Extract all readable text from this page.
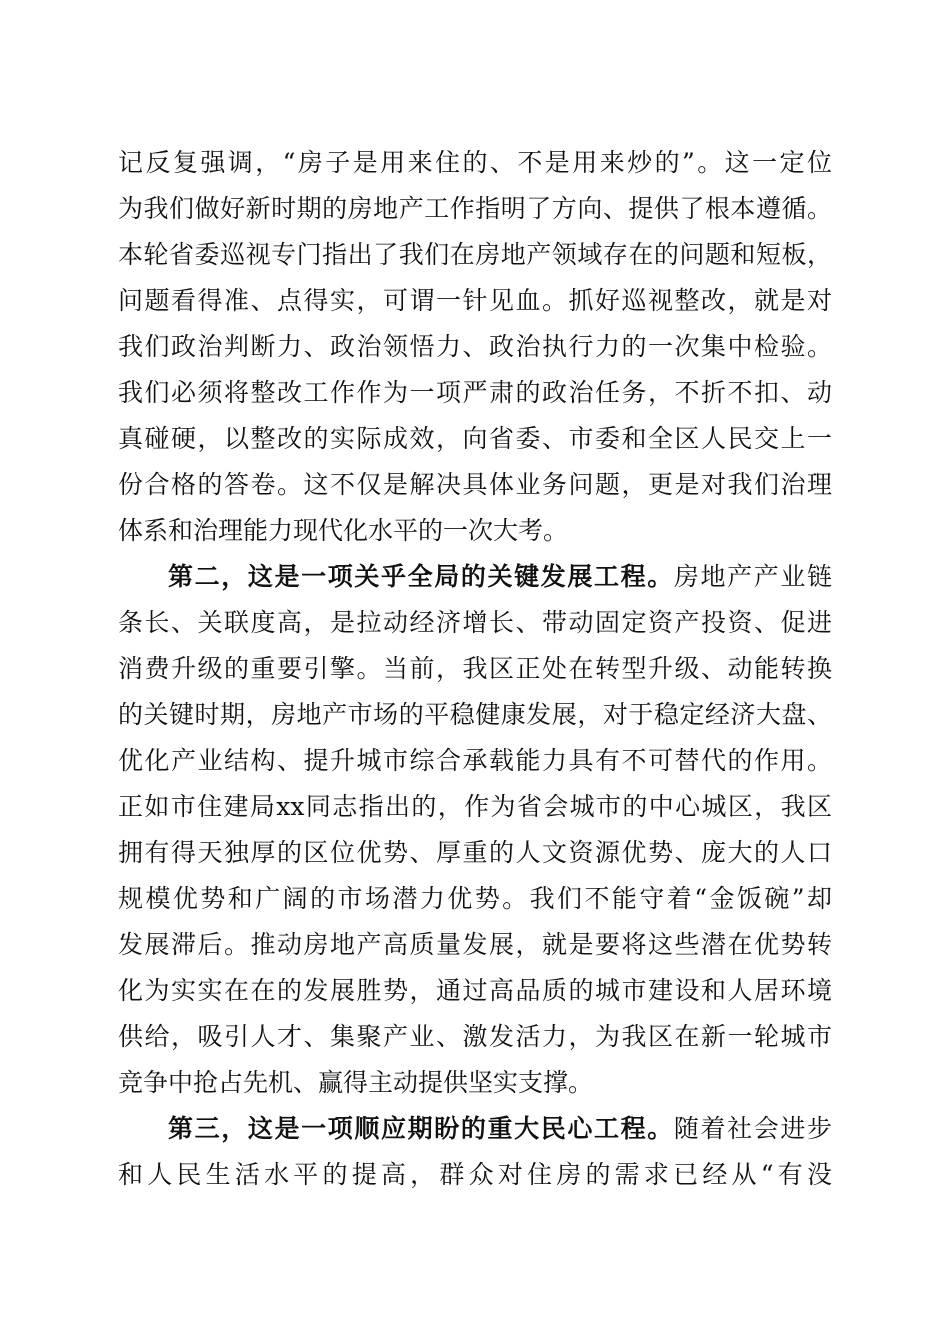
记反复强调，“房子是用来住的、不是用来炒的”。这一定位
为我们做好新时期的房地产工作指明了方向、提供了根本遵循。
本轮省委巡视专门指出了我们在房地产领域存在的问题和短板，
问题看得准、点得实，可谓一针见血。抓好巡视整改，就是对
我们政治判断力、政治领悟力、政治执行力的一次集中检验。
我们必须将整改工作作为一项严肃的政治任务，不折不扣、动
真碰硬，以整改的实际成效，向省委、市委和全区人民交上一
份合格的答卷。这不仅是解决具体业务问题，更是对我们治理
体系和治理能力现代化水平的一次大考。
第二，这是一项关乎全局的关键发展工程。房地产产业链
条长、关联度高，是拉动经济增长、带动固定资产投资、促进
消费升级的重要引擎。当前，我区正处在转型升级、动能转换
的关键时期，房地产市场的平稳健康发展，对于稳定经济大盘、
优化产业结构、提升城市综合承载能力具有不可替代的作用。
正如市住建局xx同志指出的，作为省会城市的中心城区，我区
拥有得天独厚的区位优势、厚重的人文资源优势、庞大的人口
规模优势和广阔的市场潜力优势。我们不能守着“金饭碗”却
发展滞后。推动房地产高质量发展，就是要将这些潜在优势转
化为实实在在的发展胜势，通过高品质的城市建设和人居环境
供给，吸引人才、集聚产业、激发活力，为我区在新一轮城市
竞争中抢占先机、赢得主动提供坚实支撑。
第三，这是一项顺应期盼的重大民心工程。随着社会进步
和人民生活水平的提高，群众对住房的需求已经从“有没
